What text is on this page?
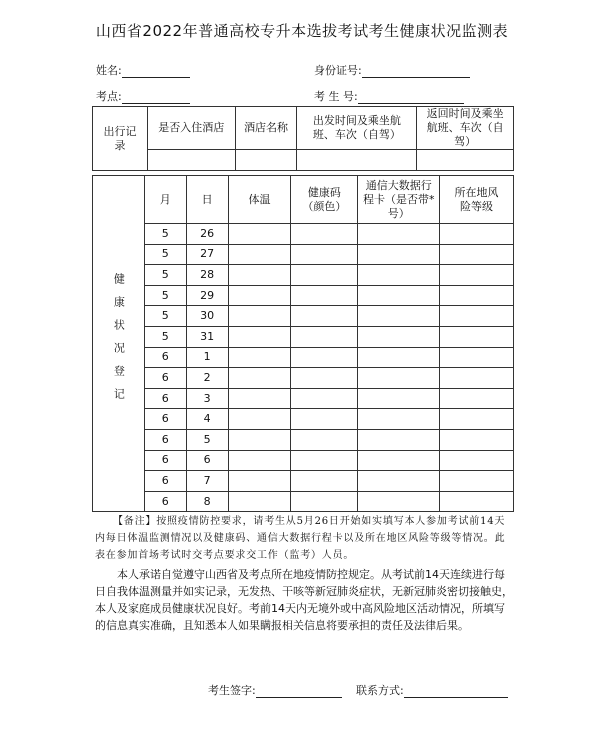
山西省2022年普通高校专升本选拔考试考生健康状况监测表
姓名:	身份证号:
考点:	考 生 号:
出行记录	是否入住酒店	酒店名称	出发时间及乘坐航班、车次（自驾）	返回时间及乘坐航班、车次（自驾）

健康状况登记	月	日	体温	健康码（颜色）	通信大数据行程卡（是否带*号）	所在地风险等级
	5	26				
	5	27				
	5	28				
	5	29				
	5	30				
	5	31				
	6	1				
	6	2				
	6	3				
	6	4				
	6	5				
	6	6				
	6	7				
	6	8				
【备注】按照疫情防控要求，请考生从5月26日开始如实填写本人参加考试前14天内每日体温监测情况以及健康码、通信大数据行程卡以及所在地区风险等级等情况。此表在参加首场考试时交考点要求交工作（监考）人员。
本人承诺自觉遵守山西省及考点所在地疫情防控规定。从考试前14天连续进行每日自我体温测量并如实记录，无发热、干咳等新冠肺炎症状，无新冠肺炎密切接触史，本人及家庭成员健康状况良好。考前14天内无境外或中高风险地区活动情况，所填写的信息真实准确，且知悉本人如果瞒报相关信息将要承担的责任及法律后果。
考生签字:	联系方式:
